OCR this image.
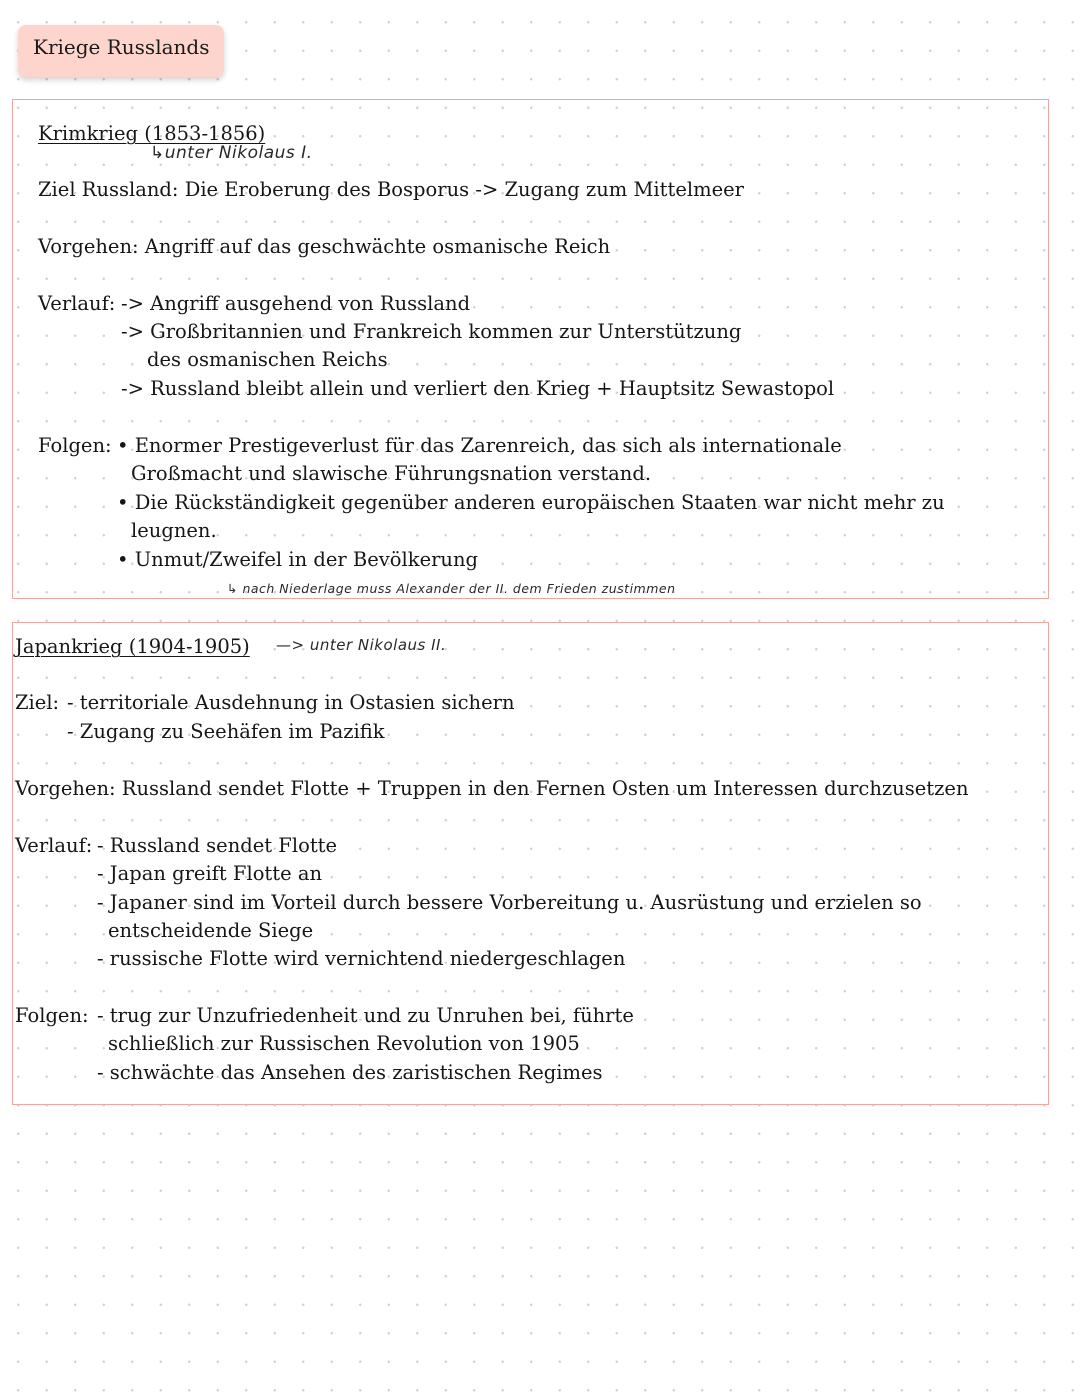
Kriege Russlands
Krimkrieg (1853-1856)
↳unter Nikolaus I.
Ziel Russland: Die Eroberung des Bosporus -> Zugang zum Mittelmeer
Vorgehen: Angriff auf das geschwächte osmanische Reich
Verlauf: -> Angriff ausgehend von Russland
-> Großbritannien und Frankreich kommen zur Unterstützung
des osmanischen Reichs
-> Russland bleibt allein und verliert den Krieg + Hauptsitz Sewastopol
Folgen: • Enormer Prestigeverlust für das Zarenreich, das sich als internationale
Großmacht und slawische Führungsnation verstand.
• Die Rückständigkeit gegenüber anderen europäischen Staaten war nicht mehr zu
leugnen.
• Unmut/Zweifel in der Bevölkerung
↳ nach Niederlage muss Alexander der II. dem Frieden zustimmen
Japankrieg (1904-1905) —> unter Nikolaus II.
Ziel: - territoriale Ausdehnung in Ostasien sichern
- Zugang zu Seehäfen im Pazifik
Vorgehen: Russland sendet Flotte + Truppen in den Fernen Osten um Interessen durchzusetzen
Verlauf: - Russland sendet Flotte
- Japan greift Flotte an
- Japaner sind im Vorteil durch bessere Vorbereitung u. Ausrüstung und erzielen so
entscheidende Siege
- russische Flotte wird vernichtend niedergeschlagen
Folgen: - trug zur Unzufriedenheit und zu Unruhen bei, führte
schließlich zur Russischen Revolution von 1905
- schwächte das Ansehen des zaristischen Regimes
